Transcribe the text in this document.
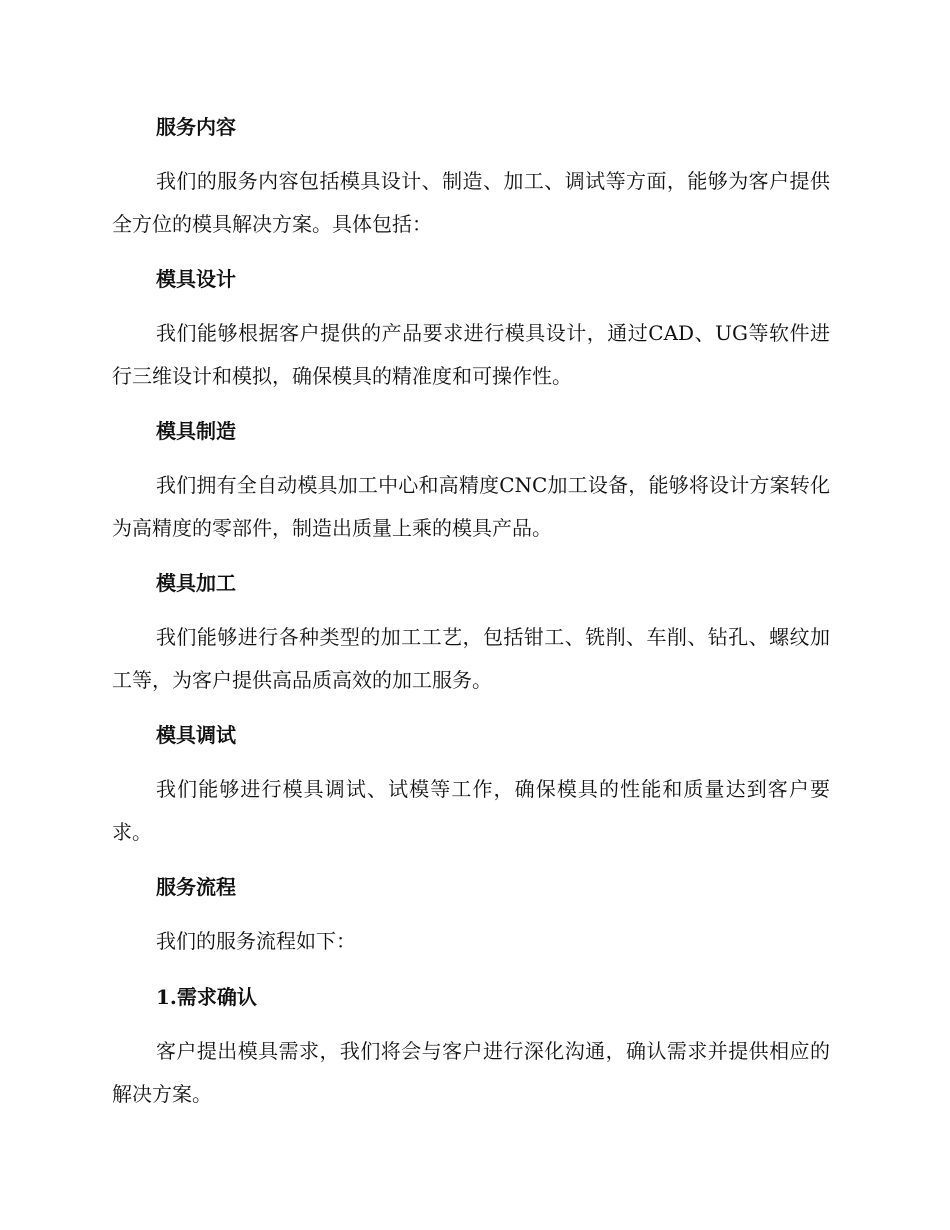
服务内容

我们的服务内容包括模具设计、制造、加工、调试等方面，能够为客户提供全方位的模具解决方案。具体包括：

模具设计

我们能够根据客户提供的产品要求进行模具设计，通过CAD、UG等软件进行三维设计和模拟，确保模具的精准度和可操作性。

模具制造

我们拥有全自动模具加工中心和高精度CNC加工设备，能够将设计方案转化为高精度的零部件，制造出质量上乘的模具产品。

模具加工

我们能够进行各种类型的加工工艺，包括钳工、铣削、车削、钻孔、螺纹加工等，为客户提供高品质高效的加工服务。

模具调试

我们能够进行模具调试、试模等工作，确保模具的性能和质量达到客户要求。

服务流程

我们的服务流程如下：

1.需求确认

客户提出模具需求，我们将会与客户进行深化沟通，确认需求并提供相应的解决方案。
